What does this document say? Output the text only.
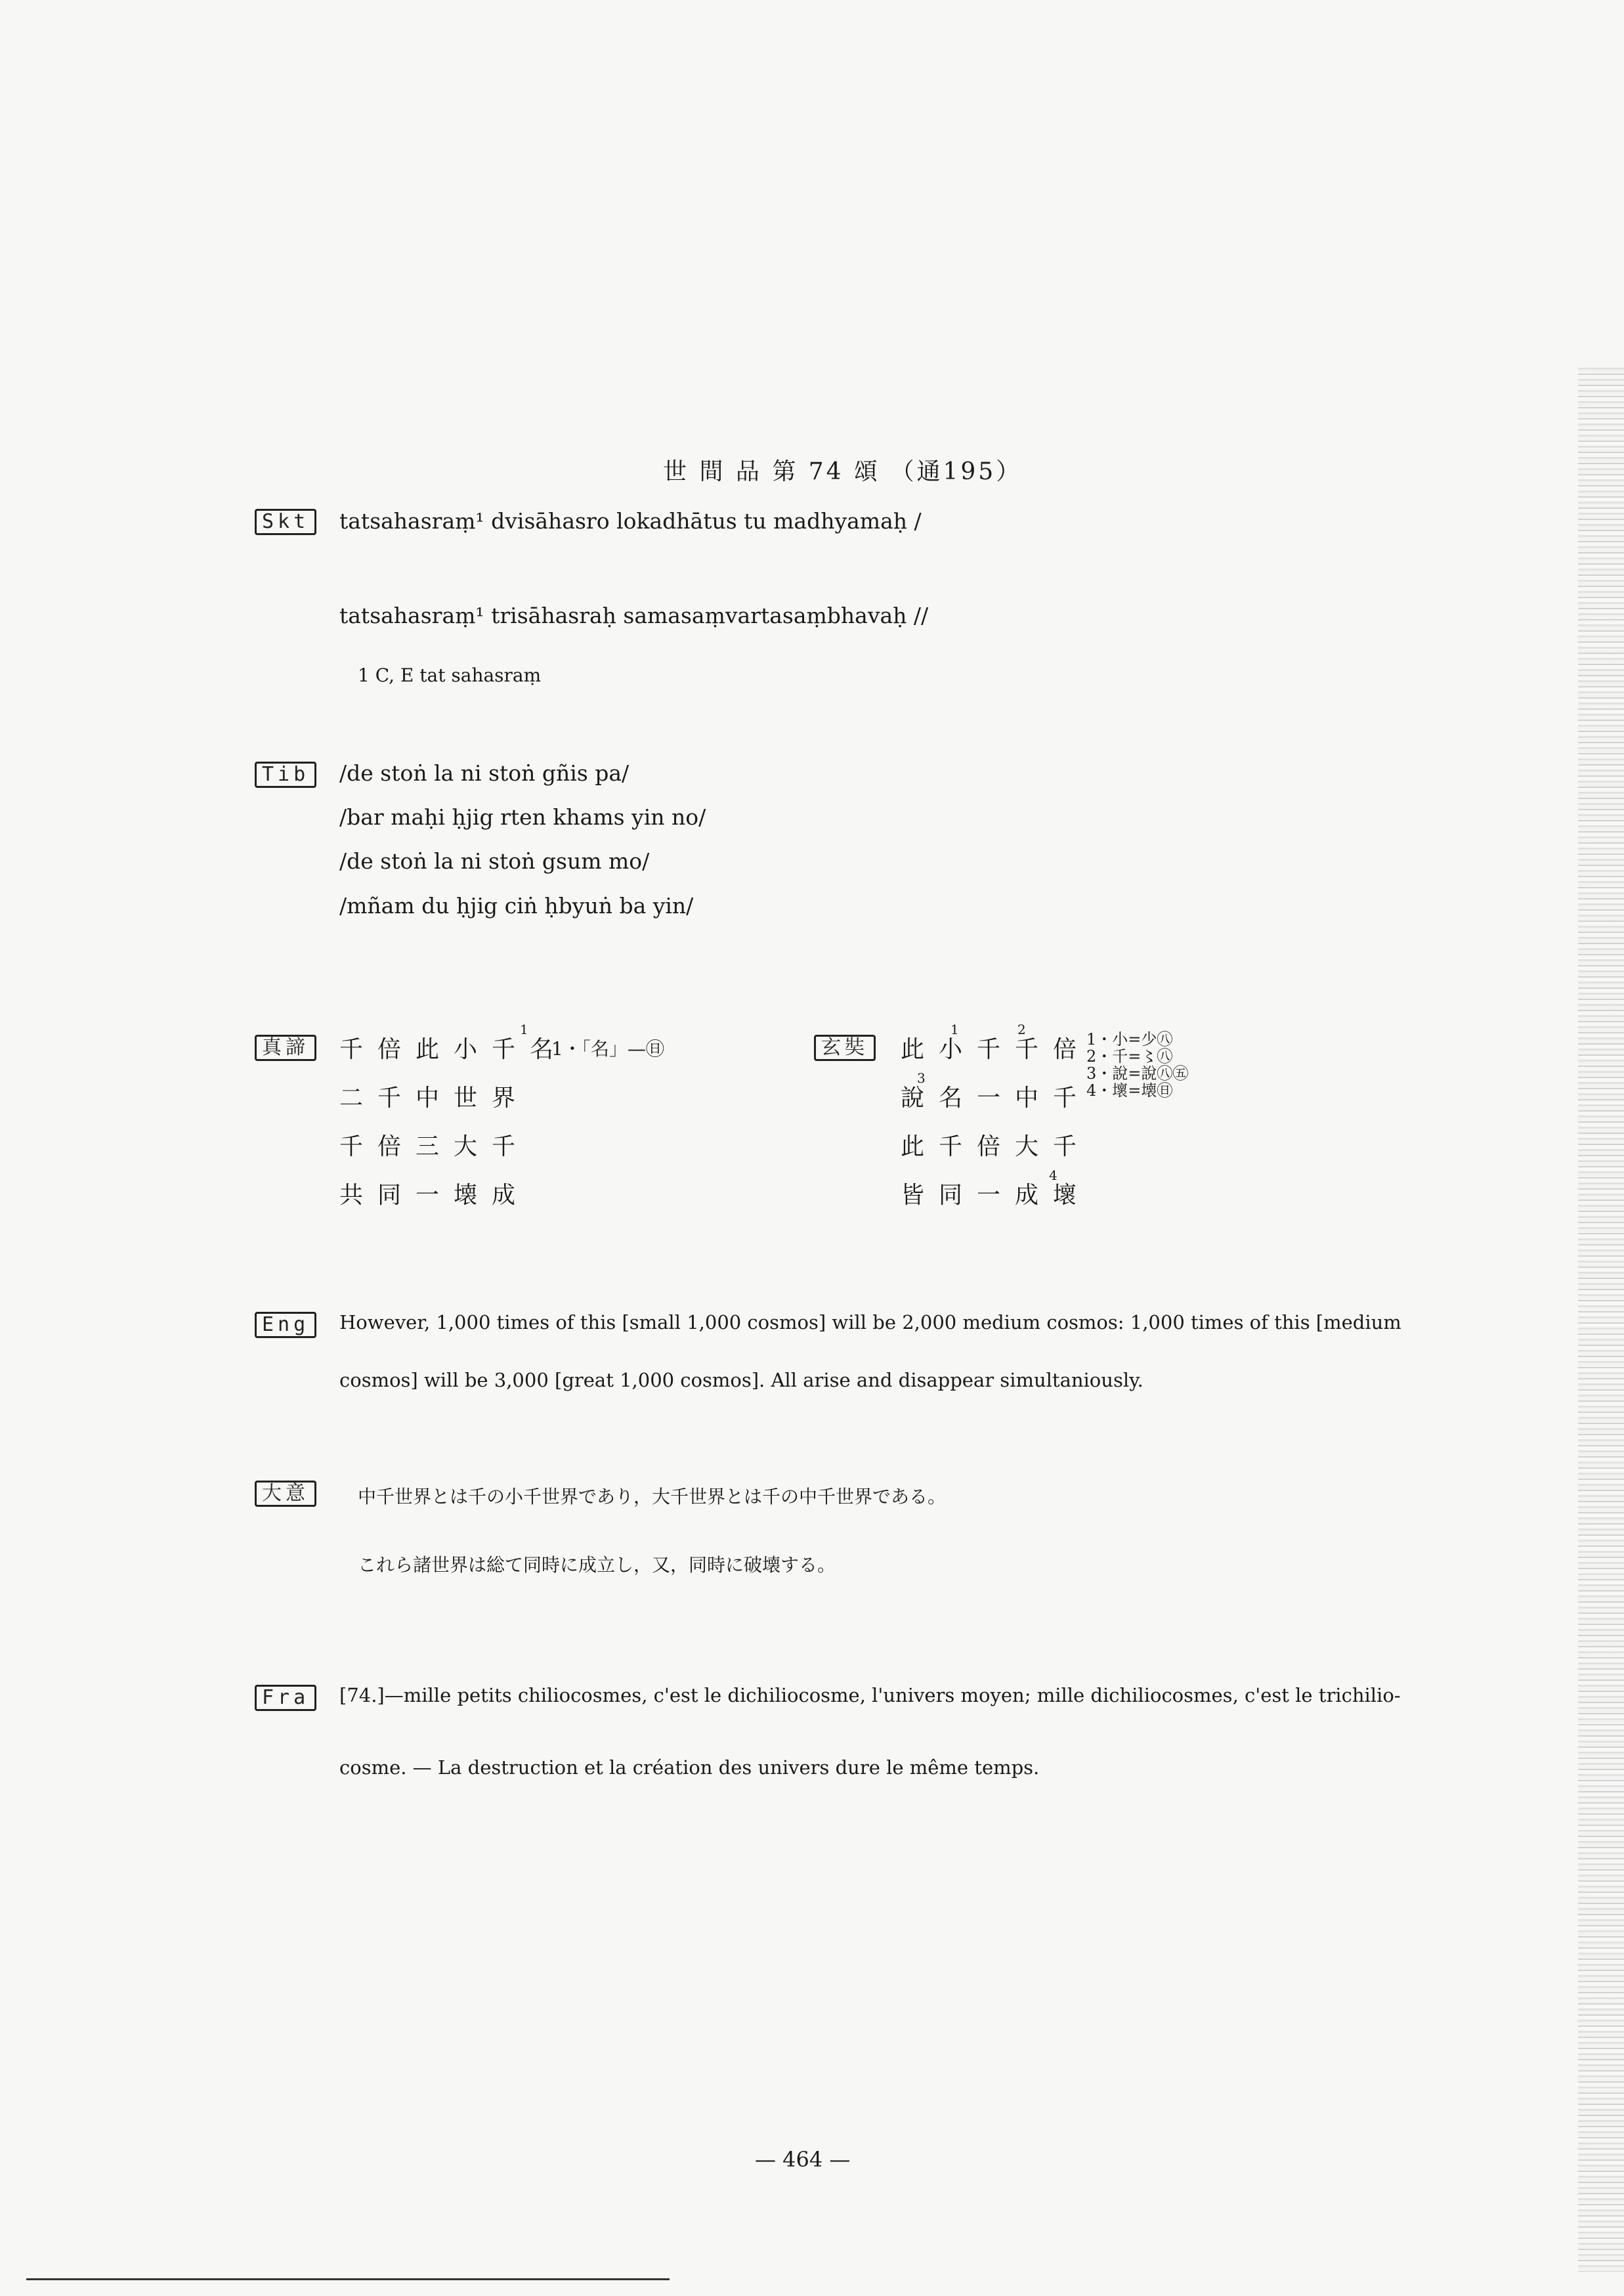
世 間 品 第 74 頌 （通195）
Skt	tatsahasraṃ¹ dvisāhasro lokadhātus tu madhyamaḥ /
tatsahasraṃ¹ trisāhasraḥ samasaṃvartasaṃbhavaḥ //
1 C, E tat sahasraṃ
Tib	/de stoṅ la ni stoṅ gñis pa/
/bar maḥi ḥjig rten khams yin no/
/de stoṅ la ni stoṅ gsum mo/
/mñam du ḥjig ciṅ ḥbyuṅ ba yin/
真諦	千倍此小千名
二千中世界
千倍三大千
共同一壊成
1
1・「名」—㊐	玄奘	此小千千倍
說名一中千
此千倍大千
皆同一成壞
1	2
3
4
1・小=少㊇
2・千=〻㊇
3・說=說㊇㊄
4・壞=壊㊐
Eng	However, 1,000 times of this [small 1,000 cosmos] will be 2,000 medium cosmos: 1,000 times of this [medium
cosmos] will be 3,000 [great 1,000 cosmos]. All arise and disappear simultaniously.
大意	中千世界とは千の小千世界であり，大千世界とは千の中千世界である。
これら諸世界は総て同時に成立し，又，同時に破壊する。
Fra	[74.]—mille petits chiliocosmes, c'est le dichiliocosme, l'univers moyen; mille dichiliocosmes, c'est le trichilio-
cosme. — La destruction et la création des univers dure le même temps.
— 464 —
